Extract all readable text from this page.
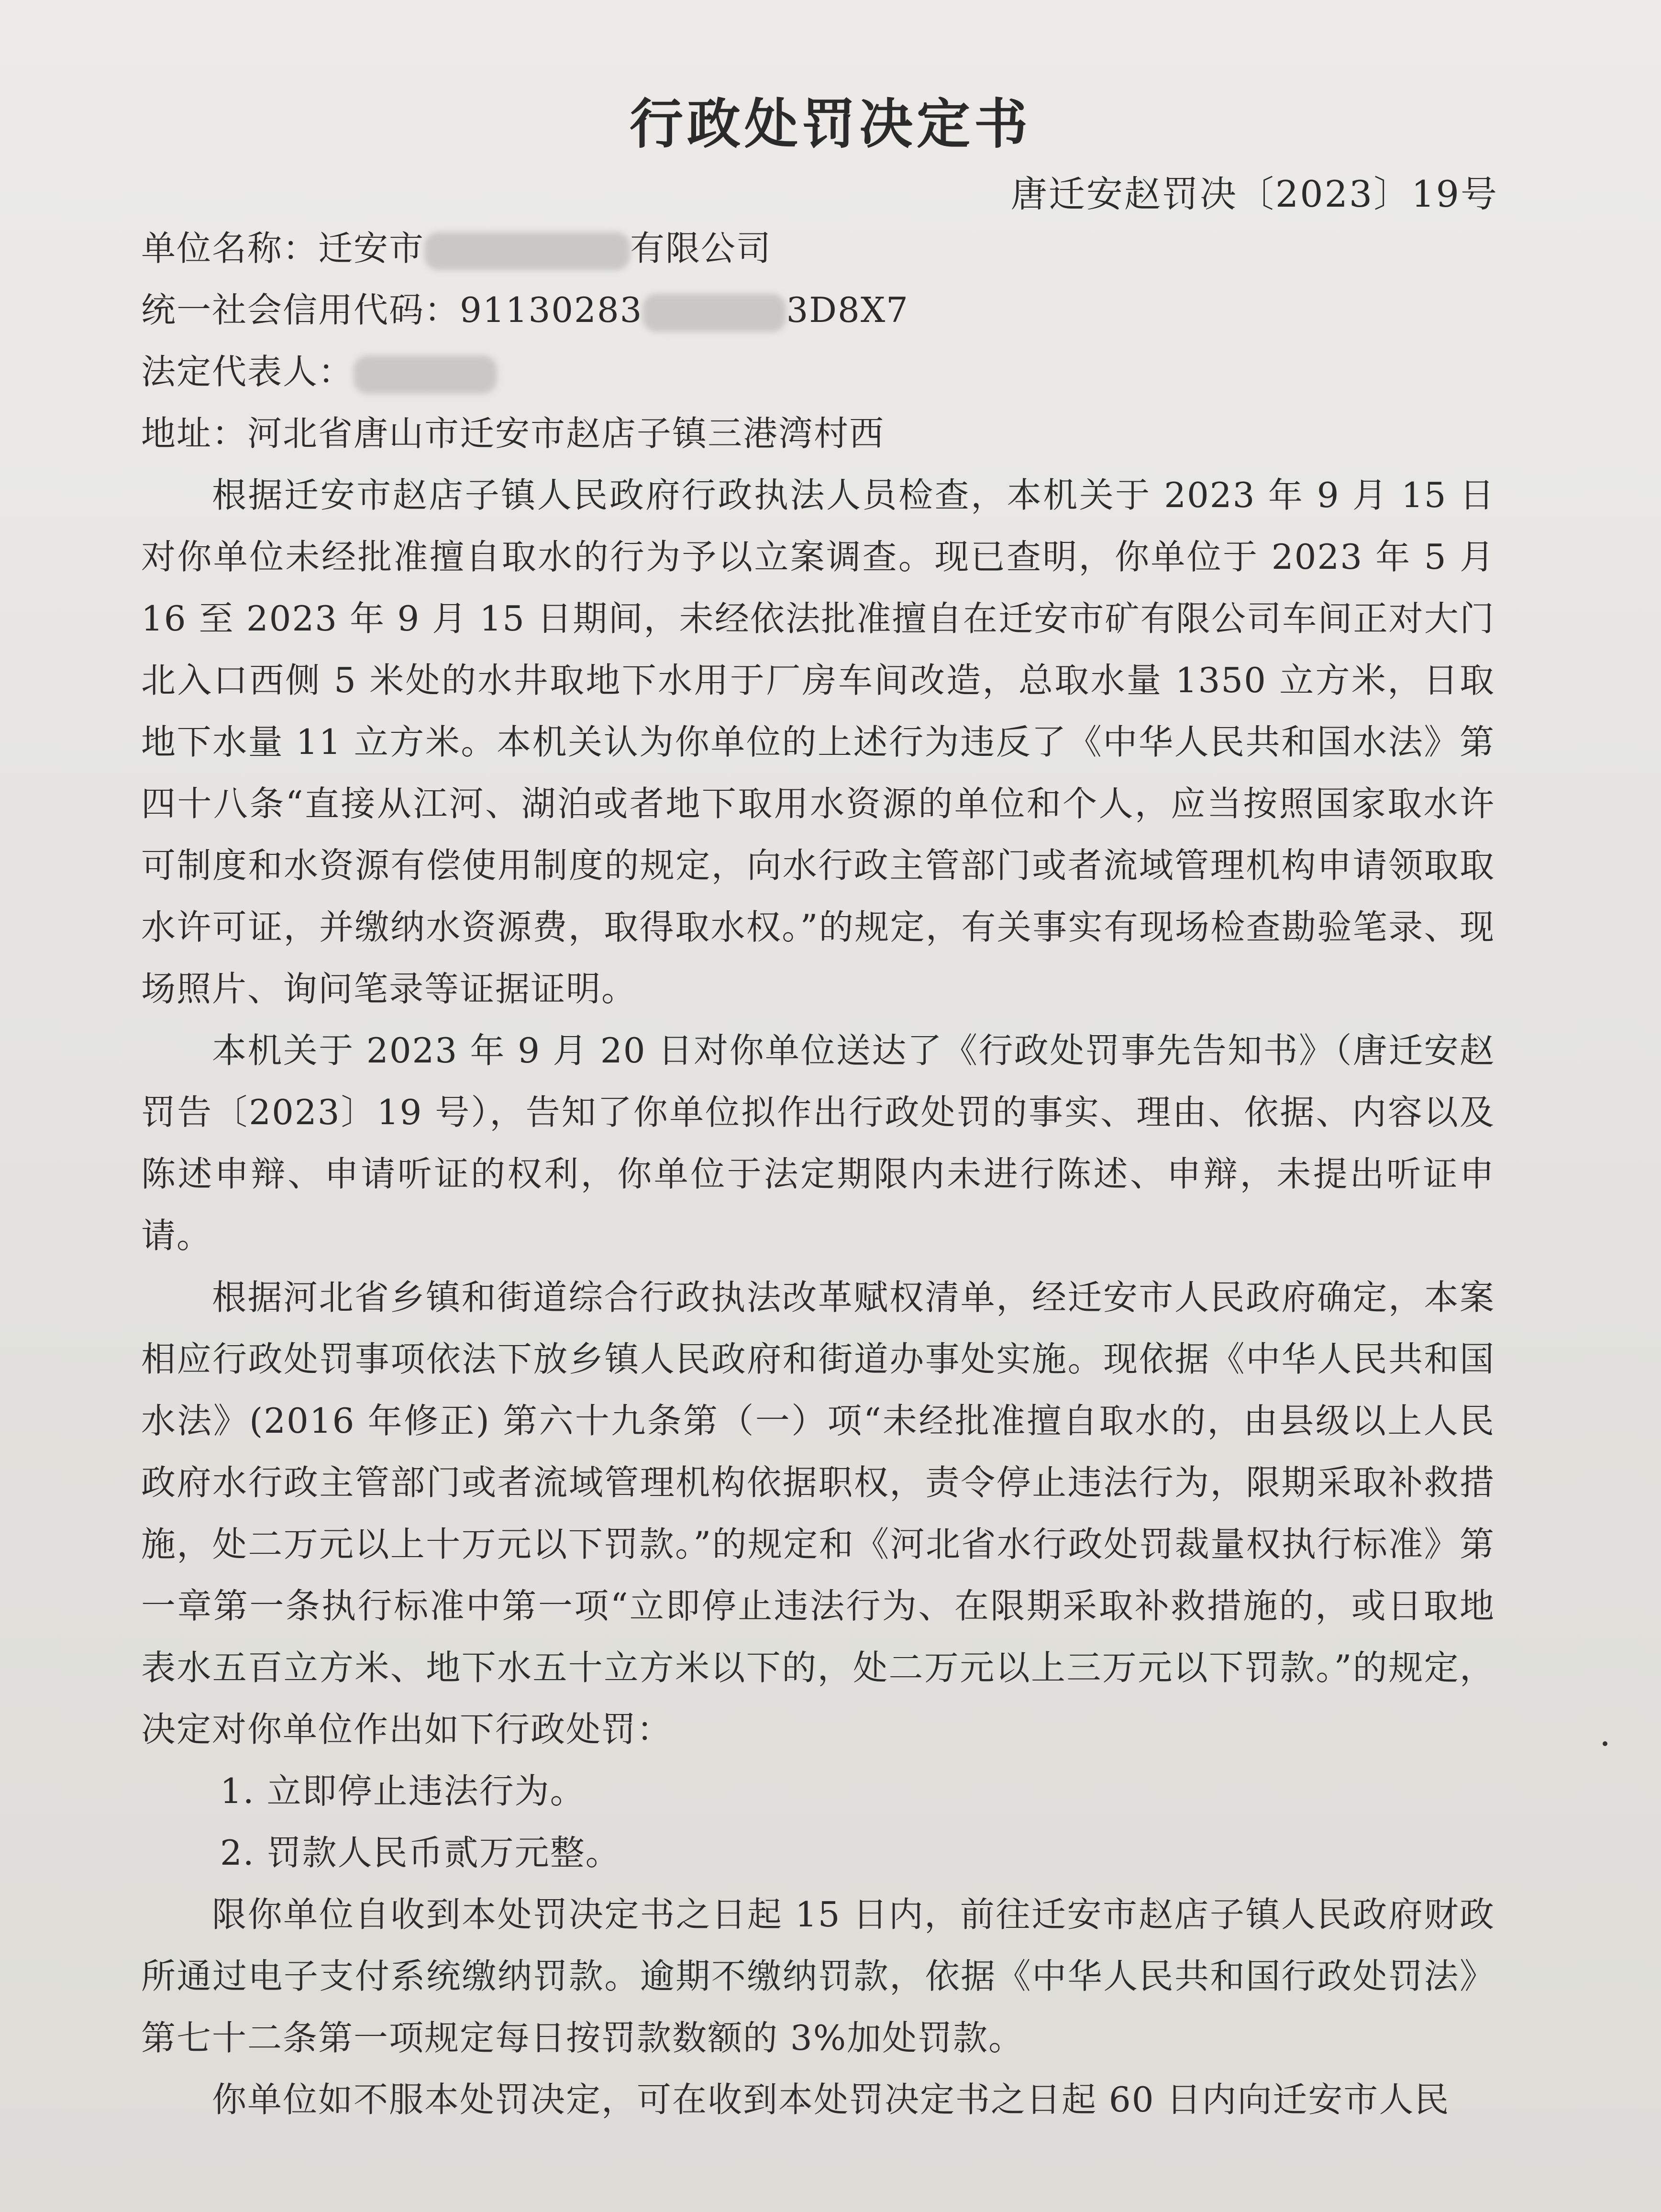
行政处罚决定书
唐迁安赵罚决〔2023〕19号
单位名称：迁安市	有限公司
统一社会信用代码：91130283	3D8X7
法定代表人：
地址：河北省唐山市迁安市赵店子镇三港湾村西

根据迁安市赵店子镇人民政府行政执法人员检查，本机关于 2023 年 9 月 15 日对你单位未经批准擅自取水的行为予以立案调查。现已查明，你单位于 2023 年 5 月 16 至 2023 年 9 月 15 日期间，未经依法批准擅自在迁安市矿有限公司车间正对大门北入口西侧 5 米处的水井取地下水用于厂房车间改造，总取水量 1350 立方米，日取地下水量 11 立方米。本机关认为你单位的上述行为违反了《中华人民共和国水法》第四十八条“直接从江河、湖泊或者地下取用水资源的单位和个人，应当按照国家取水许可制度和水资源有偿使用制度的规定，向水行政主管部门或者流域管理机构申请领取取水许可证，并缴纳水资源费，取得取水权。”的规定，有关事实有现场检查勘验笔录、现场照片、询问笔录等证据证明。

本机关于 2023 年 9 月 20 日对你单位送达了《行政处罚事先告知书》（唐迁安赵罚告〔2023〕19 号），告知了你单位拟作出行政处罚的事实、理由、依据、内容以及陈述申辩、申请听证的权利，你单位于法定期限内未进行陈述、申辩，未提出听证申请。

根据河北省乡镇和街道综合行政执法改革赋权清单，经迁安市人民政府确定，本案相应行政处罚事项依法下放乡镇人民政府和街道办事处实施。现依据《中华人民共和国水法》(2016 年修正) 第六十九条第（一）项“未经批准擅自取水的，由县级以上人民政府水行政主管部门或者流域管理机构依据职权，责令停止违法行为，限期采取补救措施，处二万元以上十万元以下罚款。”的规定和《河北省水行政处罚裁量权执行标准》第一章第一条执行标准中第一项“立即停止违法行为、在限期采取补救措施的，或日取地表水五百立方米、地下水五十立方米以下的，处二万元以上三万元以下罚款。”的规定，决定对你单位作出如下行政处罚：

1. 立即停止违法行为。
2. 罚款人民币贰万元整。

限你单位自收到本处罚决定书之日起 15 日内，前往迁安市赵店子镇人民政府财政所通过电子支付系统缴纳罚款。逾期不缴纳罚款，依据《中华人民共和国行政处罚法》第七十二条第一项规定每日按罚款数额的 3%加处罚款。

你单位如不服本处罚决定，可在收到本处罚决定书之日起 60 日内向迁安市人民
